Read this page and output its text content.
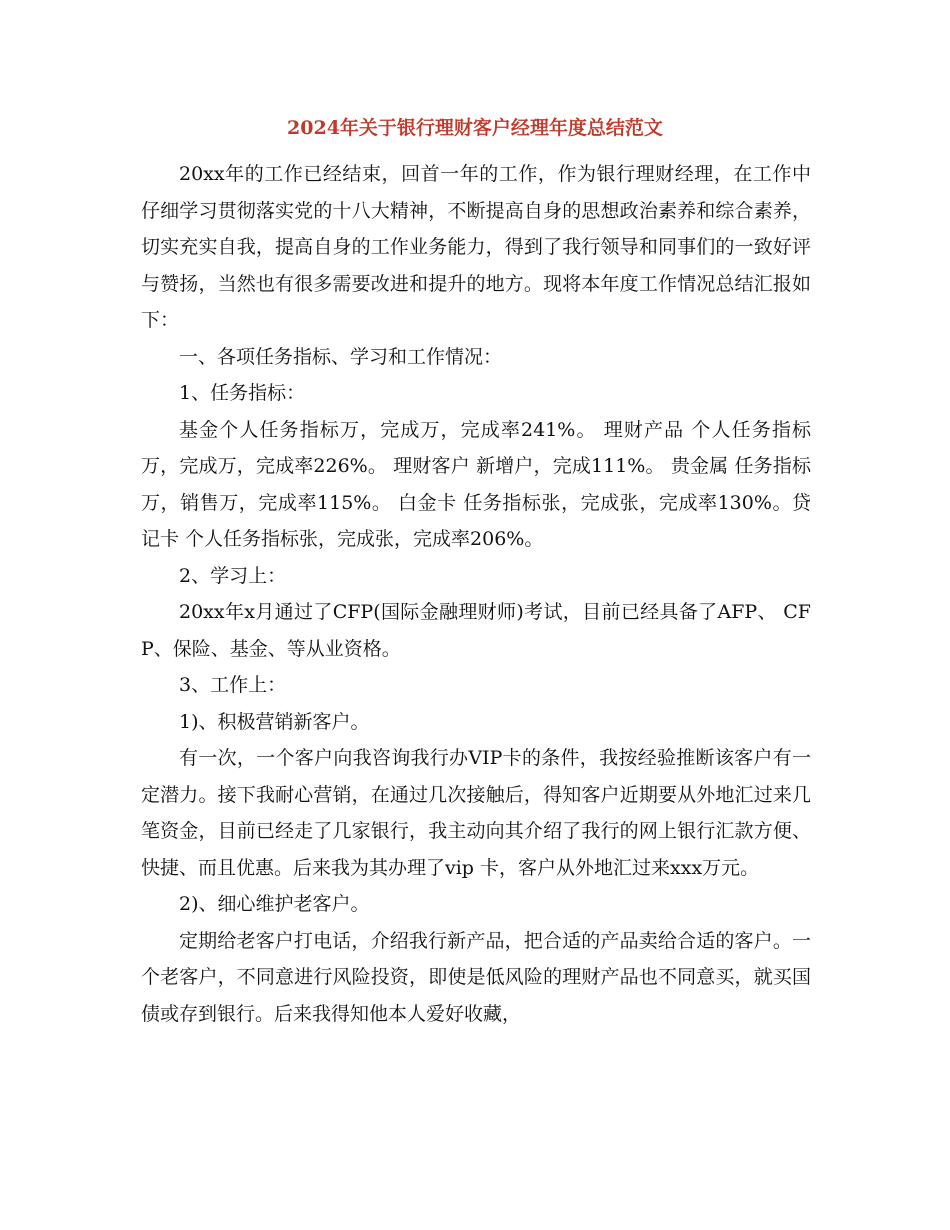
2024年关于银行理财客户经理年度总结范文

20xx年的工作已经结束，回首一年的工作，作为银行理财经理，在工作中仔细学习贯彻落实党的十八大精神，不断提高自身的思想政治素养和综合素养，切实充实自我，提高自身的工作业务能力，得到了我行领导和同事们的一致好评与赞扬，当然也有很多需要改进和提升的地方。现将本年度工作情况总结汇报如下：

一、各项任务指标、学习和工作情况：

1、任务指标：

基金个人任务指标万，完成万，完成率241%。 理财产品 个人任务指标万，完成万，完成率226%。 理财客户 新增户，完成111%。 贵金属 任务指标万，销售万，完成率115%。 白金卡 任务指标张，完成张，完成率130%。贷记卡 个人任务指标张，完成张，完成率206%。

2、学习上：

20xx年x月通过了CFP(国际金融理财师)考试，目前已经具备了AFP、 CFP、保险、基金、等从业资格。

3、工作上：

1)、积极营销新客户。

有一次，一个客户向我咨询我行办VIP卡的条件，我按经验推断该客户有一 定潜力。接下我耐心营销，在通过几次接触后，得知客户近期要从外地汇过来几 笔资金，目前已经走了几家银行，我主动向其介绍了我行的网上银行汇款方便、 快捷、而且优惠。后来我为其办理了vip 卡，客户从外地汇过来xxx万元。

2)、细心维护老客户。

定期给老客户打电话，介绍我行新产品，把合适的产品卖给合适的客户。一 个老客户，不同意进行风险投资，即使是低风险的理财产品也不同意买，就买国 债或存到银行。后来我得知他本人爱好收藏，
